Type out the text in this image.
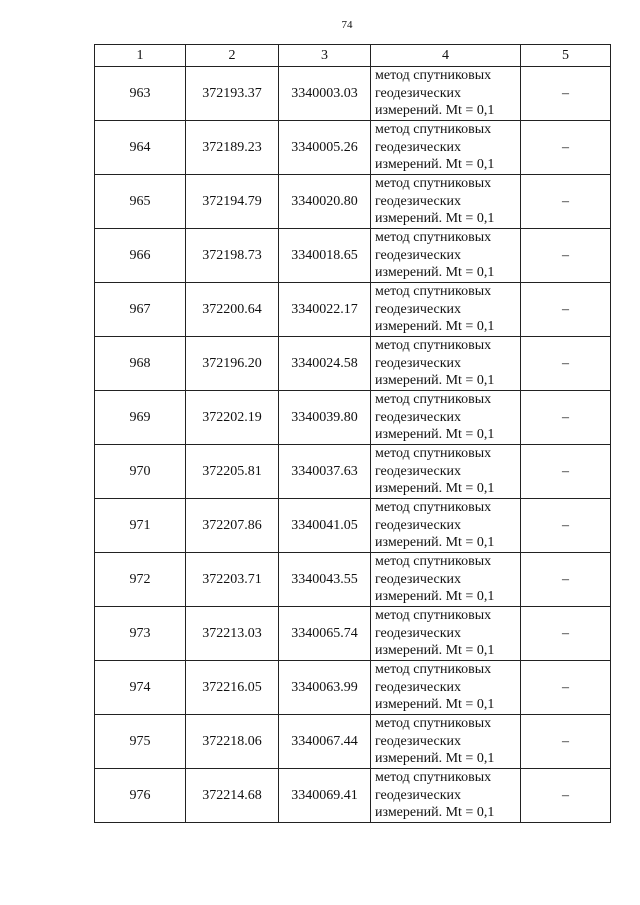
74
1	2	3	4	5
963	372193.37	3340003.03	метод спутниковых
геодезических
измерений. Mt = 0,1	–
964	372189.23	3340005.26	метод спутниковых
геодезических
измерений. Mt = 0,1	–
965	372194.79	3340020.80	метод спутниковых
геодезических
измерений. Mt = 0,1	–
966	372198.73	3340018.65	метод спутниковых
геодезических
измерений. Mt = 0,1	–
967	372200.64	3340022.17	метод спутниковых
геодезических
измерений. Mt = 0,1	–
968	372196.20	3340024.58	метод спутниковых
геодезических
измерений. Mt = 0,1	–
969	372202.19	3340039.80	метод спутниковых
геодезических
измерений. Mt = 0,1	–
970	372205.81	3340037.63	метод спутниковых
геодезических
измерений. Mt = 0,1	–
971	372207.86	3340041.05	метод спутниковых
геодезических
измерений. Mt = 0,1	–
972	372203.71	3340043.55	метод спутниковых
геодезических
измерений. Mt = 0,1	–
973	372213.03	3340065.74	метод спутниковых
геодезических
измерений. Mt = 0,1	–
974	372216.05	3340063.99	метод спутниковых
геодезических
измерений. Mt = 0,1	–
975	372218.06	3340067.44	метод спутниковых
геодезических
измерений. Mt = 0,1	–
976	372214.68	3340069.41	метод спутниковых
геодезических
измерений. Mt = 0,1	–
